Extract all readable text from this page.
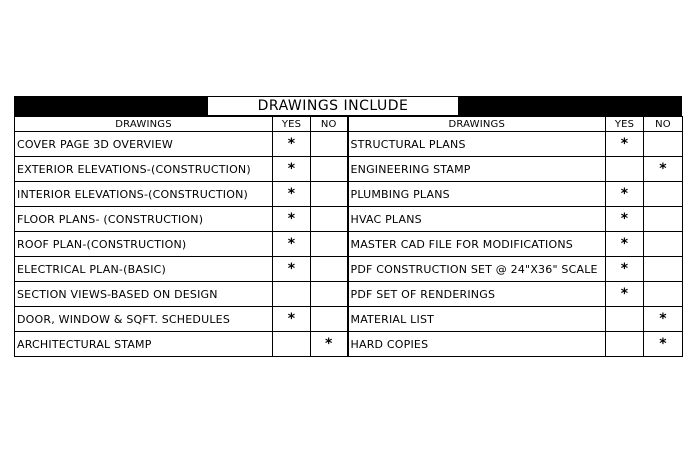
DRAWINGS INCLUDE
DRAWINGS	YES	NO	DRAWINGS	YES	NO
COVER PAGE 3D OVERVIEW	*		STRUCTURAL PLANS	*	
EXTERIOR ELEVATIONS-(CONSTRUCTION)	*		ENGINEERING STAMP		*
INTERIOR ELEVATIONS-(CONSTRUCTION)	*		PLUMBING PLANS	*	
FLOOR PLANS- (CONSTRUCTION)	*		HVAC PLANS	*	
ROOF PLAN-(CONSTRUCTION)	*		MASTER CAD FILE FOR MODIFICATIONS	*	
ELECTRICAL PLAN-(BASIC)	*		PDF CONSTRUCTION SET @ 24"X36" SCALE	*	
SECTION VIEWS-BASED ON DESIGN			PDF SET OF RENDERINGS	*	
DOOR, WINDOW & SQFT. SCHEDULES	*		MATERIAL LIST		*
ARCHITECTURAL STAMP		*	HARD COPIES		*
